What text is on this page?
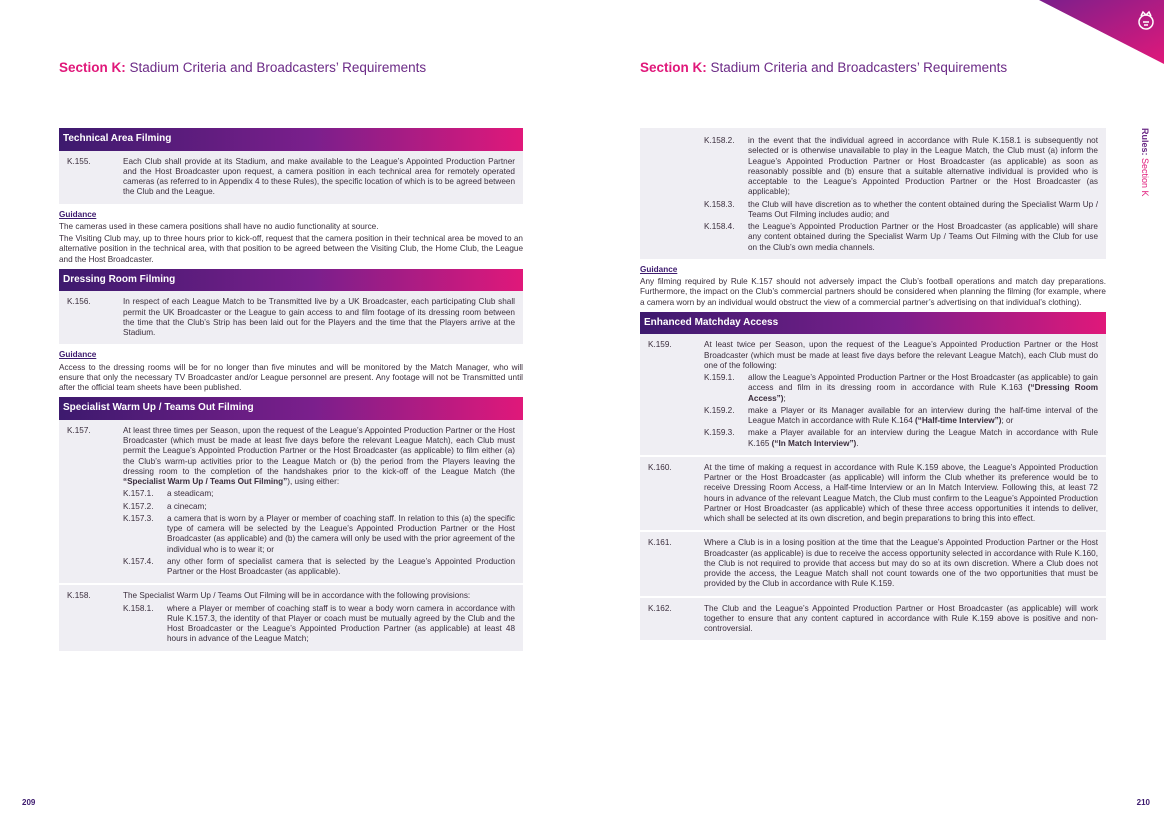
Section K: Stadium Criteria and Broadcasters’ Requirements
Technical Area Filming
K.155.	Each Club shall provide at its Stadium, and make available to the League’s Appointed Production Partner and the Host Broadcaster upon request, a camera position in each technical area for remotely operated cameras (as referred to in Appendix 4 to these Rules), the specific location of which is to be agreed between the Club and the League.
Guidance

The cameras used in these camera positions shall have no audio functionality at source.

The Visiting Club may, up to three hours prior to kick-off, request that the camera position in their technical area be moved to an alternative position in the technical area, with that position to be agreed between the Visiting Club, the Home Club, the League and the Host Broadcaster.

Dressing Room Filming
K.156.	In respect of each League Match to be Transmitted live by a UK Broadcaster, each participating Club shall permit the UK Broadcaster or the League to gain access to and film footage of its dressing room between the time that the Club’s Strip has been laid out for the Players and the time that the Players arrive at the Stadium.
Guidance

Access to the dressing rooms will be for no longer than five minutes and will be monitored by the Match Manager, who will ensure that only the necessary TV Broadcaster and/or League personnel are present. Any footage will not be Transmitted until after the official team sheets have been published.

Specialist Warm Up / Teams Out Filming
K.157.	At least three times per Season, upon the request of the League’s Appointed Production Partner or the Host Broadcaster (which must be made at least five days before the relevant League Match), each Club must permit the League’s Appointed Production Partner or the Host Broadcaster (as applicable) to film either (a) the Club’s warm-up activities prior to the League Match or (b) the period from the Players leaving the dressing room to the completion of the handshakes prior to the kick-off of the League Match (the “Specialist Warm Up / Teams Out Filming”), using either:
K.157.1.	a steadicam;
K.157.2.	a cinecam;
K.157.3.	a camera that is worn by a Player or member of coaching staff. In relation to this (a) the specific type of camera will be selected by the League’s Appointed Production Partner or the Host Broadcaster (as applicable) and (b) the camera will only be used with the prior agreement of the individual who is to wear it; or
K.157.4.	any other form of specialist camera that is selected by the League’s Appointed Production Partner or the Host Broadcaster (as applicable).
K.158.	The Specialist Warm Up / Teams Out Filming will be in accordance with the following provisions:
K.158.1.	where a Player or member of coaching staff is to wear a body worn camera in accordance with Rule K.157.3, the identity of that Player or coach must be mutually agreed by the Club and the Host Broadcaster or the League’s Appointed Production Partner (as applicable) at least 48 hours in advance of the League Match;
209
Section K: Stadium Criteria and Broadcasters’ Requirements
Rules: Section K
K.158.2.	in the event that the individual agreed in accordance with Rule K.158.1 is subsequently not selected or is otherwise unavailable to play in the League Match, the Club must (a) inform the League’s Appointed Production Partner or Host Broadcaster (as applicable) as soon as reasonably possible and (b) ensure that a suitable alternative individual is provided who is acceptable to the League’s Appointed Production Partner or the Host Broadcaster (as applicable);
K.158.3.	the Club will have discretion as to whether the content obtained during the Specialist Warm Up / Teams Out Filming includes audio; and
K.158.4.	the League’s Appointed Production Partner or the Host Broadcaster (as applicable) will share any content obtained during the Specialist Warm Up / Teams Out Filming with the Club for use on the Club’s own media channels.
Guidance

Any filming required by Rule K.157 should not adversely impact the Club’s football operations and match day preparations. Furthermore, the impact on the Club’s commercial partners should be considered when planning the filming (for example, where a camera worn by an individual would obstruct the view of a commercial partner’s advertising on that individual’s clothing).

Enhanced Matchday Access
K.159.	At least twice per Season, upon the request of the League’s Appointed Production Partner or the Host Broadcaster (which must be made at least five days before the relevant League Match), each Club must do one of the following:
K.159.1.	allow the League’s Appointed Production Partner or the Host Broadcaster (as applicable) to gain access and film in its dressing room in accordance with Rule K.163 (“Dressing Room Access”);
K.159.2.	make a Player or its Manager available for an interview during the half-time interval of the League Match in accordance with Rule K.164 (“Half-time Interview”); or
K.159.3.	make a Player available for an interview during the League Match in accordance with Rule K.165 (“In Match Interview”).
K.160.	At the time of making a request in accordance with Rule K.159 above, the League’s Appointed Production Partner or the Host Broadcaster (as applicable) will inform the Club whether its preference would be to receive Dressing Room Access, a Half-time Interview or an In Match Interview. Following this, at least 72 hours in advance of the relevant League Match, the Club must confirm to the League’s Appointed Production Partner or Host Broadcaster (as applicable) which of these three access opportunities it intends to deliver, which shall be selected at its own discretion, and begin preparations to bring this into effect.
K.161.	Where a Club is in a losing position at the time that the League’s Appointed Production Partner or the Host Broadcaster (as applicable) is due to receive the access opportunity selected in accordance with Rule K.160, the Club is not required to provide that access but may do so at its own discretion. Where a Club does not provide the access, the League Match shall not count towards one of the two opportunities that must be provided by the Club in accordance with Rule K.159.
K.162.	The Club and the League’s Appointed Production Partner or Host Broadcaster (as applicable) will work together to ensure that any content captured in accordance with Rule K.159 above is positive and non-controversial.
210
